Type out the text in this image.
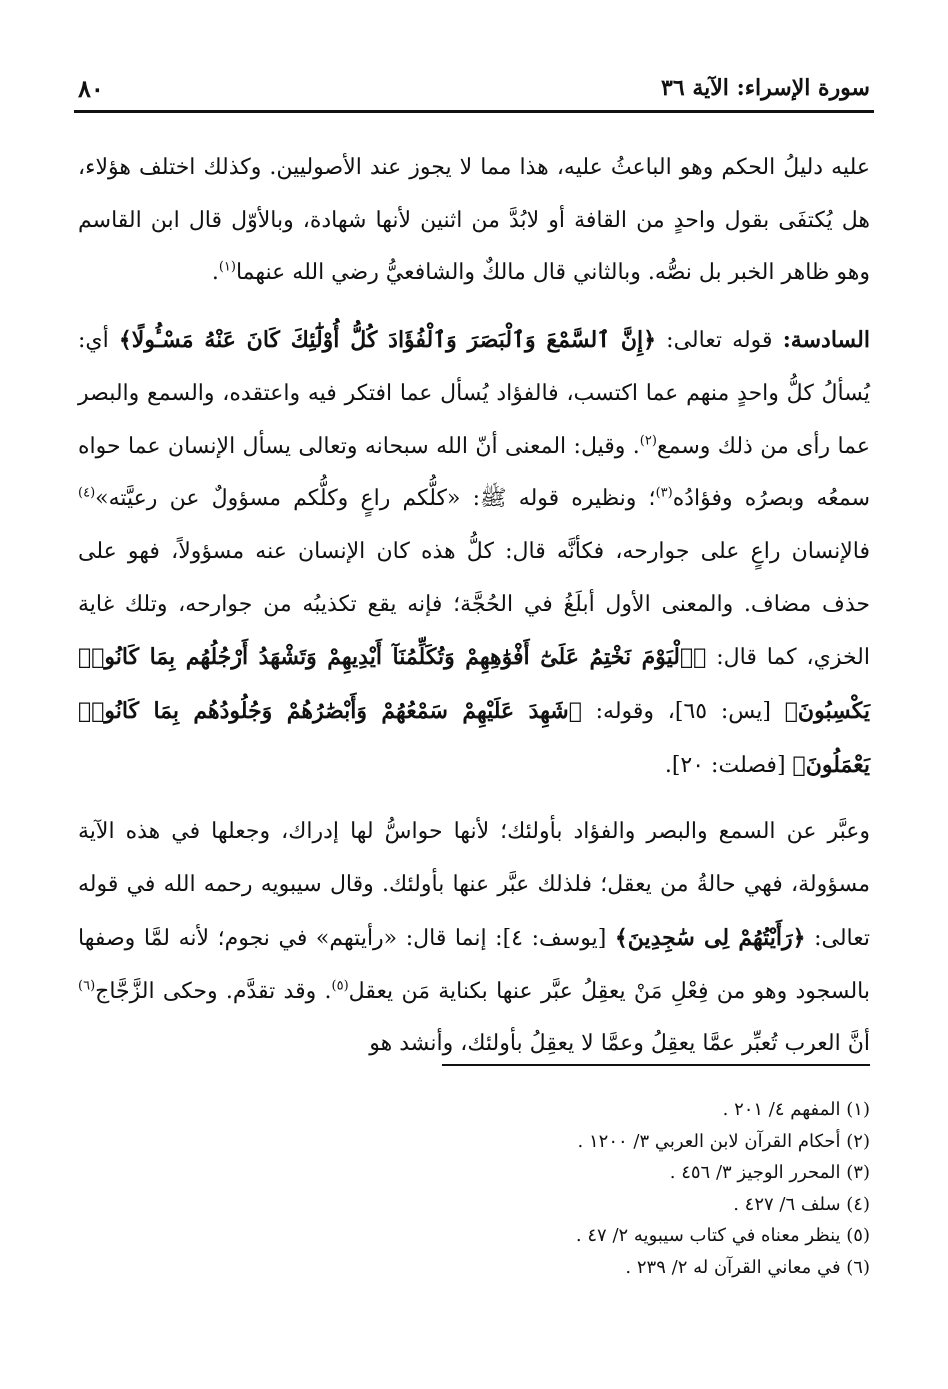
سورة الإسراء: الآية ٣٦
٨٠

عليه دليلُ الحكم وهو الباعثُ عليه، هذا مما لا يجوز عند الأصوليين. وكذلك اختلف هؤلاء، هل يُكتفَى بقول واحدٍ من القافة أو لابُدَّ من اثنين لأنها شهادة، وبالأوّل قال ابن القاسم وهو ظاهر الخبر بل نصُّه. وبالثاني قال مالكٌ والشافعيُّ رضي الله عنهما$^{(١)}$.

السادسة: قوله تعالى: ﴿إِنَّ ٱلسَّمْعَ وَٱلْبَصَرَ وَٱلْفُؤَادَ كُلُّ أُوْلَٰٓئِكَ كَانَ عَنْهُ مَسْـُٔولًا﴾ أي: يُسألُ كلُّ واحدٍ منهم عما اكتسب، فالفؤاد يُسأل عما افتكر فيه واعتقده، والسمع والبصر عما رأى من ذلك وسمع$^{(٢)}$. وقيل: المعنى أنّ الله سبحانه وتعالى يسأل الإنسان عما حواه سمعُه وبصرُه وفؤادُه$^{(٣)}$؛ ونظيره قوله ﷺ: «كلُّكم راعٍ وكلُّكم مسؤولٌ عن رعيَّته»$^{(٤)}$ فالإنسان راعٍ على جوارحه، فكأنَّه قال: كلُّ هذه كان الإنسان عنه مسؤولاً، فهو على حذف مضاف. والمعنى الأول أبلَغُ في الحُجَّة؛ فإنه يقع تكذيبُه من جوارحه، وتلك غاية الخزي، كما قال: ﴿ٱلْيَوْمَ نَخْتِمُ عَلَىٰٓ أَفْوَٰهِهِمْ وَتُكَلِّمُنَآ أَيْدِيهِمْ وَتَشْهَدُ أَرْجُلُهُم بِمَا كَانُوا۟ يَكْسِبُونَ﴾ [يس: ٦٥]، وقوله: ﴿شَهِدَ عَلَيْهِمْ سَمْعُهُمْ وَأَبْصَٰرُهُمْ وَجُلُودُهُم بِمَا كَانُوا۟ يَعْمَلُونَ﴾ [فصلت: ٢٠].

وعبَّر عن السمع والبصر والفؤاد بأولئك؛ لأنها حواسُّ لها إدراك، وجعلها في هذه الآية مسؤولة، فهي حالةُ من يعقل؛ فلذلك عبَّر عنها بأولئك. وقال سيبويه رحمه الله في قوله تعالى: ﴿رَأَيْتُهُمْ لِى سَٰجِدِينَ﴾ [يوسف: ٤]: إنما قال: «رأيتهم» في نجوم؛ لأنه لمَّا وصفها بالسجود وهو من فِعْلِ مَنْ يعقِلُ عبَّر عنها بكناية مَن يعقل$^{(٥)}$. وقد تقدَّم. وحكى الزَّجَّاج$^{(٦)}$ أنَّ العرب تُعبِّر عمَّا يعقِلُ وعمَّا لا يعقِلُ بأولئك، وأنشد هو

(١) المفهم ٤/ ٢٠١ .
(٢) أحكام القرآن لابن العربي ٣/ ١٢٠٠ .
(٣) المحرر الوجيز ٣/ ٤٥٦ .
(٤) سلف ٦/ ٤٢٧ .
(٥) ينظر معناه في كتاب سيبويه ٢/ ٤٧ .
(٦) في معاني القرآن له ٢/ ٢٣٩ .
